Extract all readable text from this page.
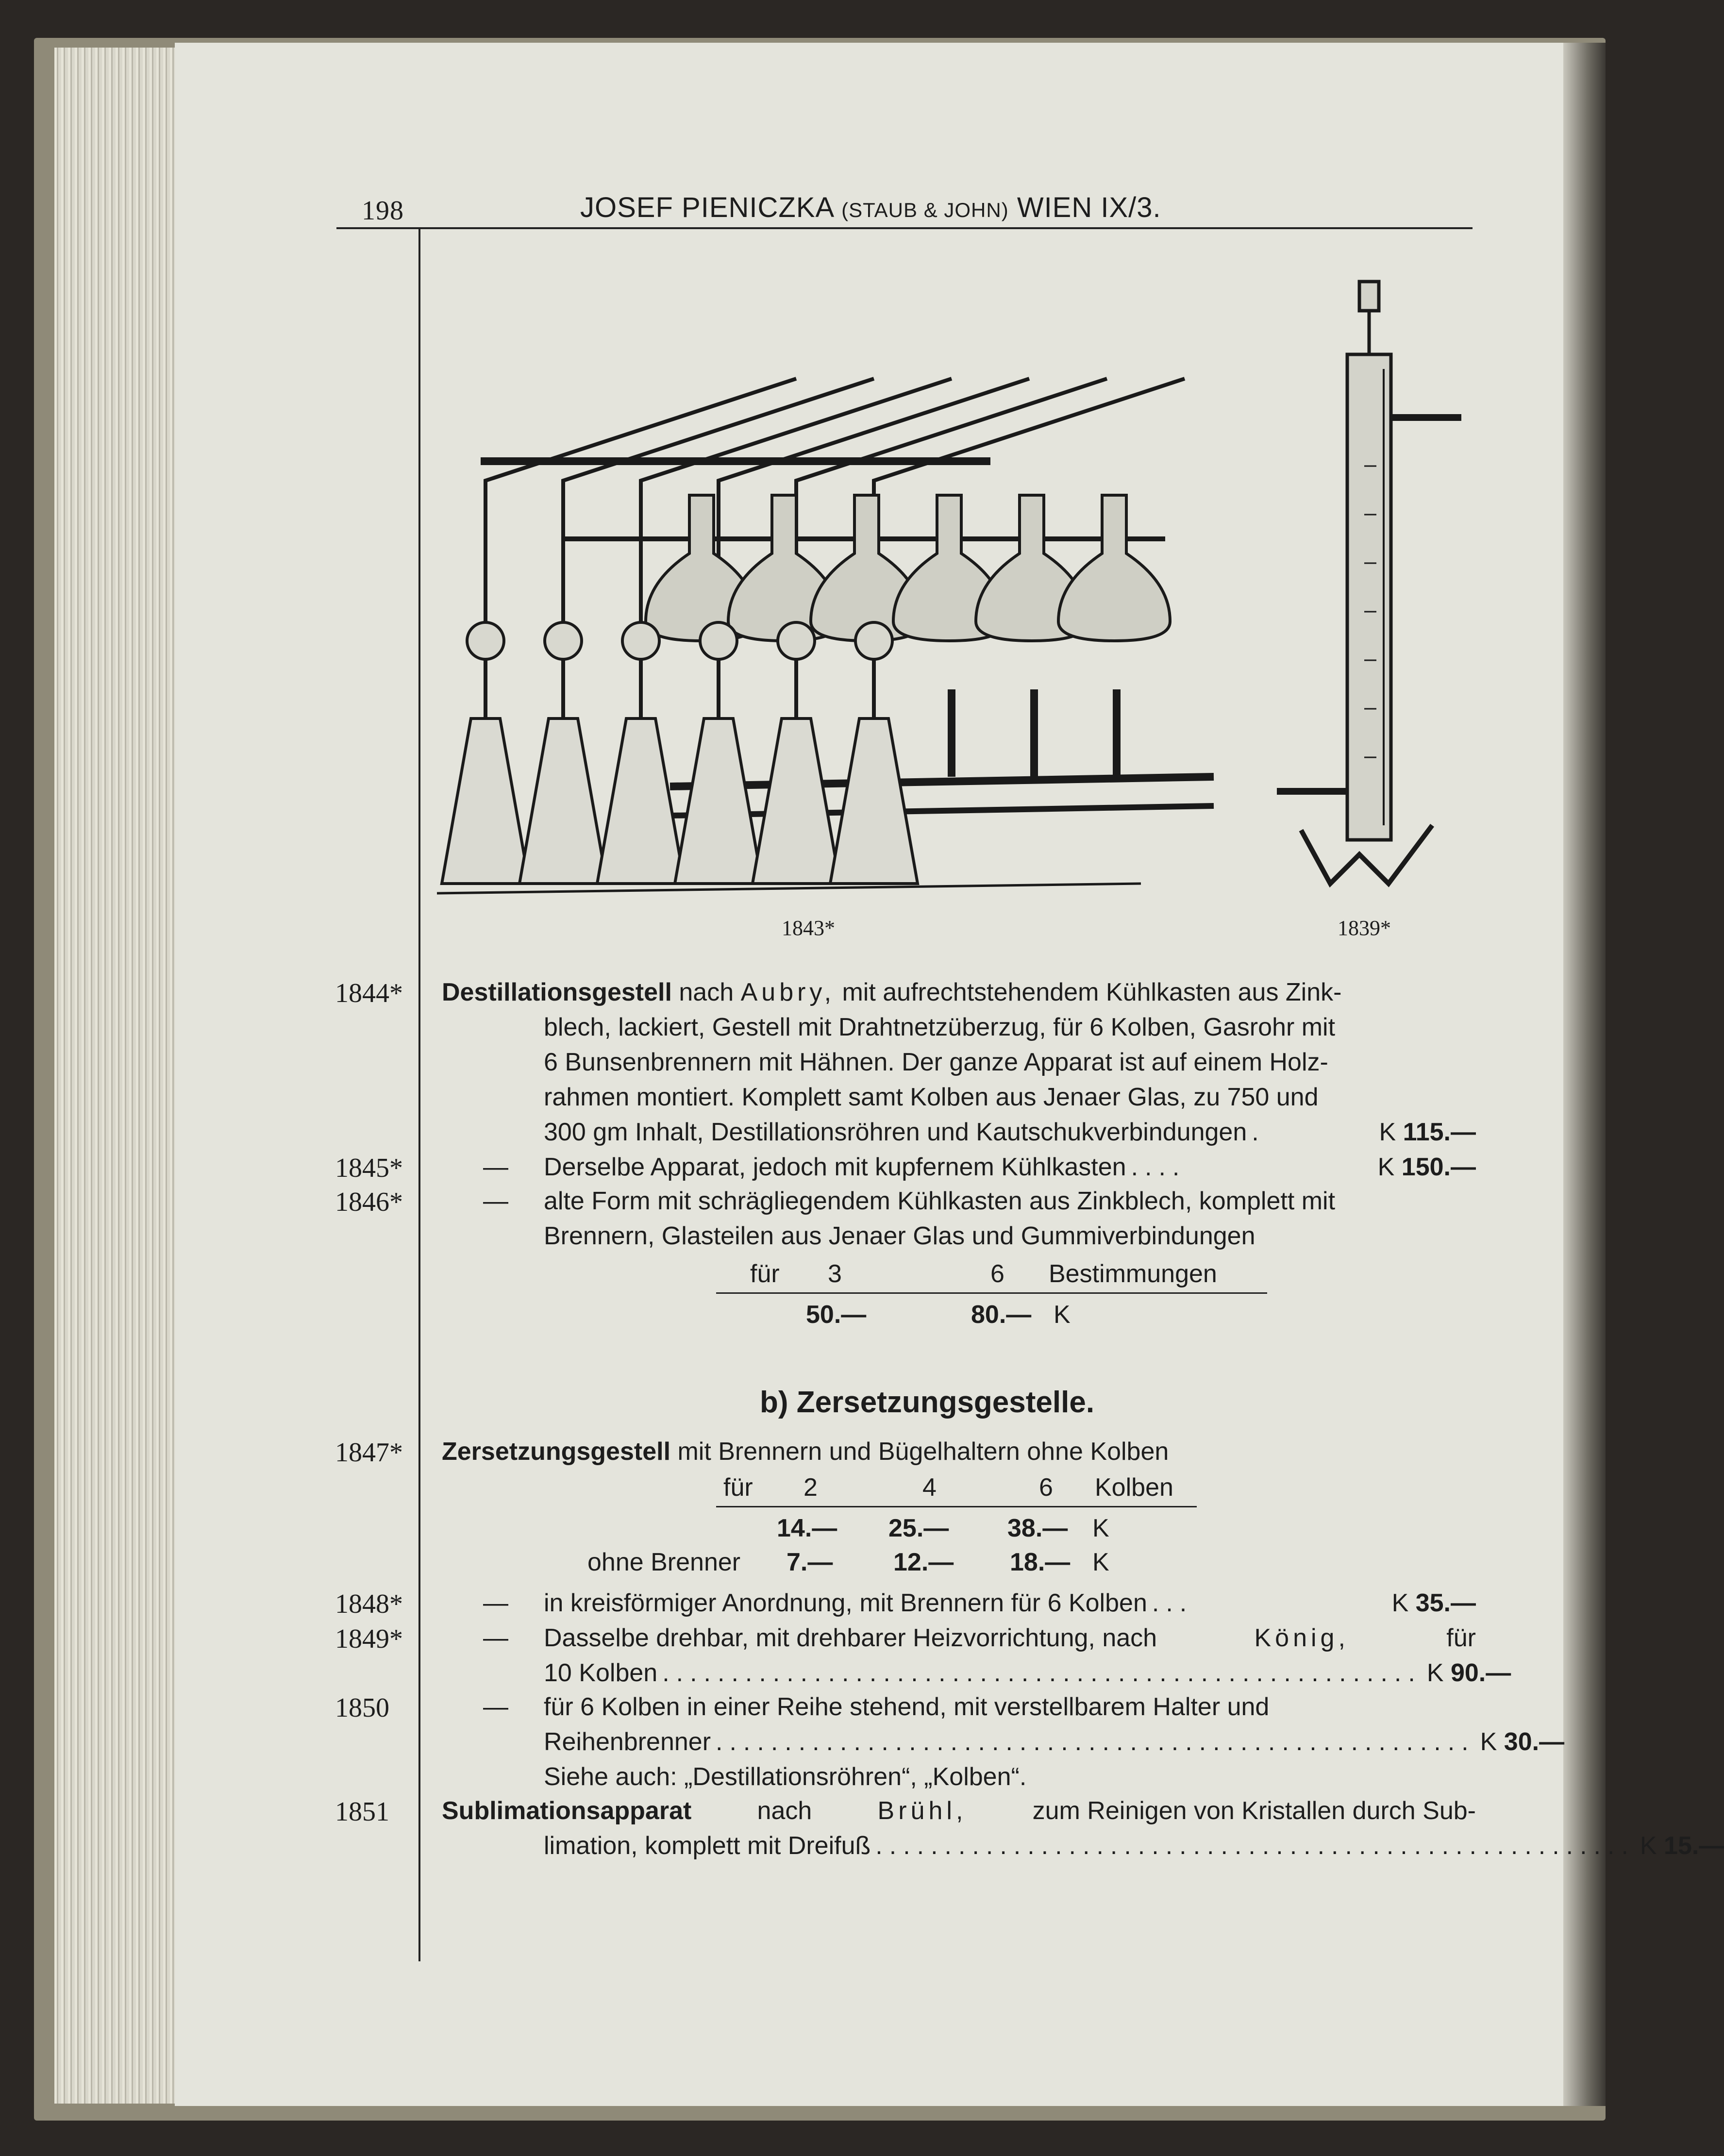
198	JOSEF PIENICZKA (STAUB & JOHN) WIEN IX/3.
1843*	1839*
1844* Destillationsgestell nach Aubry, mit aufrechtstehendem Kühlkasten aus Zink-
blech, lackiert, Gestell mit Drahtnetzüberzug, für 6 Kolben, Gasrohr mit
6 Bunsenbrennern mit Hähnen. Der ganze Apparat ist auf einem Holz-
rahmen montiert. Komplett samt Kolben aus Jenaer Glas, zu 750 und
300 gm Inhalt, Destillationsröhren und Kautschukverbindungen .	K 115.—
1845*	— Derselbe Apparat, jedoch mit kupfernem Kühlkasten ....	K 150.—
1846*	— alte Form mit schrägliegendem Kühlkasten aus Zinkblech, komplett mit
Brennern, Glasteilen aus Jenaer Glas und Gummiverbindungen
für 3	6 Bestimmungen
50.—	80.— K
b) Zersetzungsgestelle.
1847* Zersetzungsgestell mit Brennern und Bügelhaltern ohne Kolben
für 2	4	6 Kolben
14.— 25.— 38.— K
ohne Brenner 7.— 12.— 18.— K
1848*	— in kreisförmiger Anordnung, mit Brennern für 6 Kolben ...	K 35.—
1849*	— Dasselbe drehbar, mit drehbarer Heizvorrichtung, nach	König,	für
10 Kolben ....................................................... K 90.—
1850	— für 6 Kolben in einer Reihe stehend, mit verstellbarem Halter und
Reihenbrenner ....................................................... K 30.—
Siehe auch: „Destillationsröhren“, „Kolben“.
1851 Sublimationsapparat	nach	Brühl,	zum Reinigen von Kristallen durch Sub-
limation, komplett mit Dreifuß ....................................................... K 15.—
